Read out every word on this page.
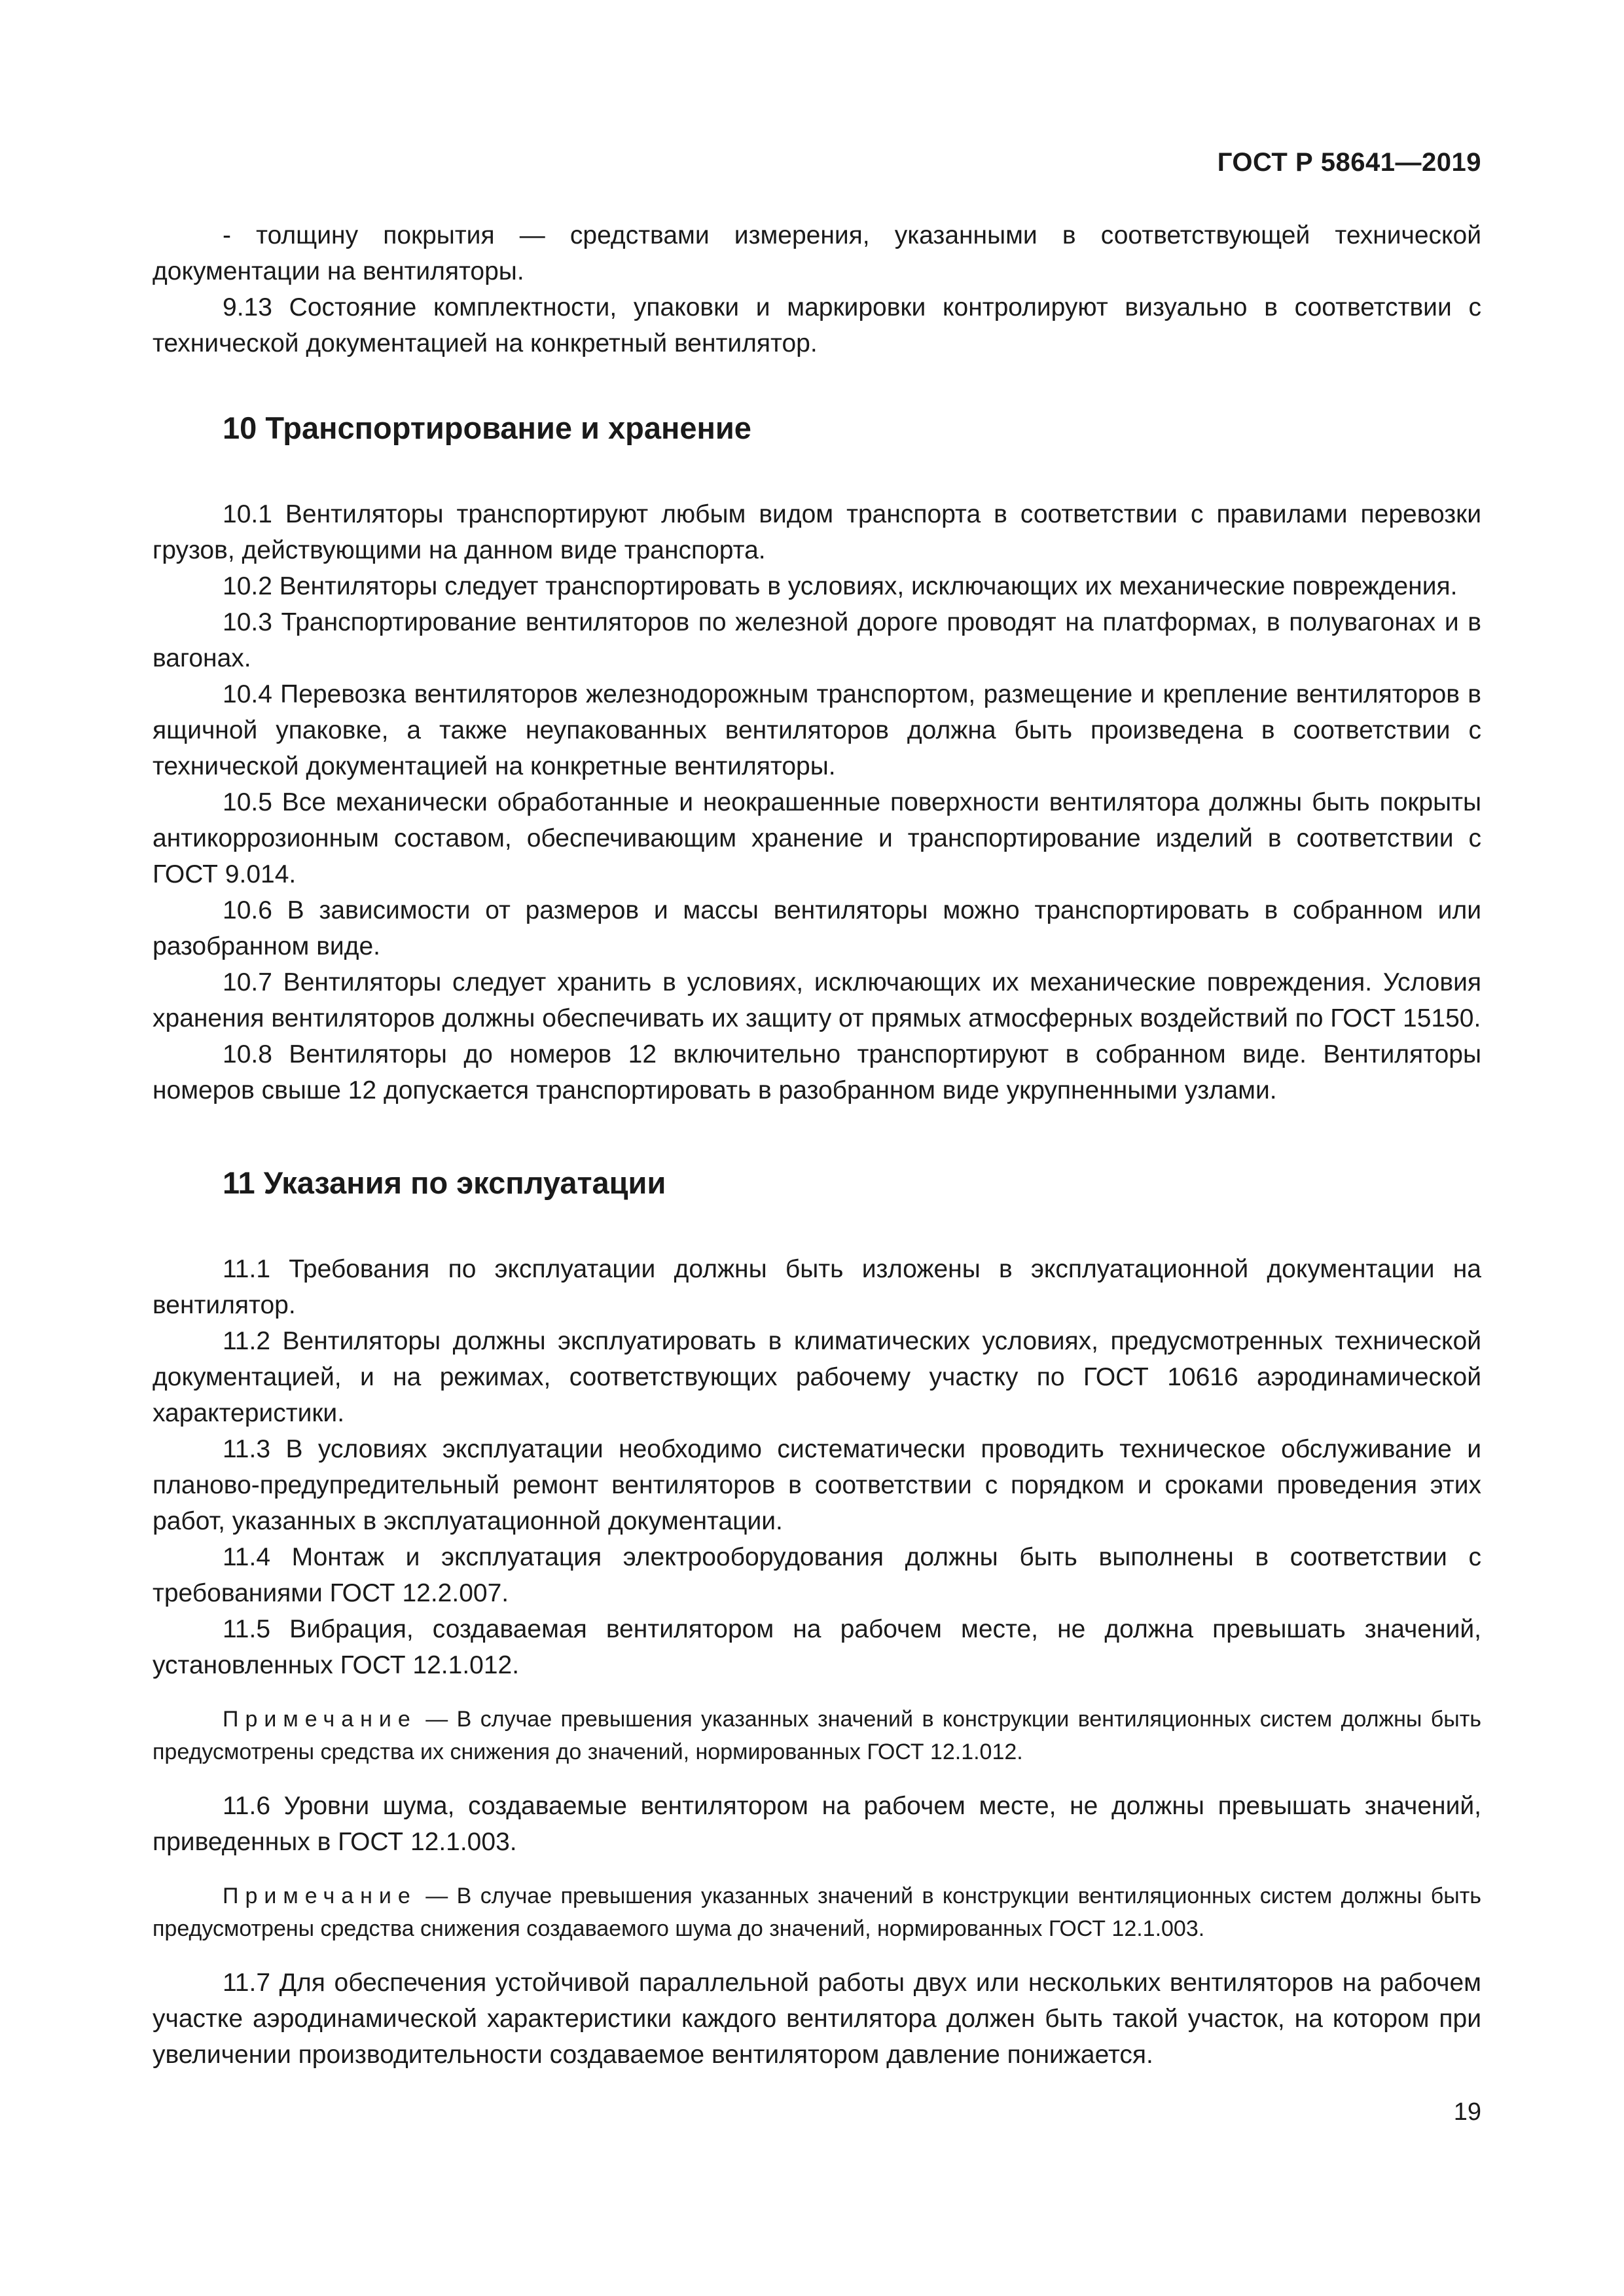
ГОСТ Р 58641—2019

- толщину покрытия — средствами измерения, указанными в соответствующей технической документации на вентиляторы.

9.13 Состояние комплектности, упаковки и маркировки контролируют визуально в соответствии с технической документацией на конкретный вентилятор.

10 Транспортирование и хранение

10.1 Вентиляторы транспортируют любым видом транспорта в соответствии с правилами перевозки грузов, действующими на данном виде транспорта.

10.2 Вентиляторы следует транспортировать в условиях, исключающих их механические повреждения.

10.3 Транспортирование вентиляторов по железной дороге проводят на платформах, в полувагонах и в вагонах.

10.4 Перевозка вентиляторов железнодорожным транспортом, размещение и крепление вентиляторов в ящичной упаковке, а также неупакованных вентиляторов должна быть произведена в соответствии с технической документацией на конкретные вентиляторы.

10.5 Все механически обработанные и неокрашенные поверхности вентилятора должны быть покрыты антикоррозионным составом, обеспечивающим хранение и транспортирование изделий в соответствии с ГОСТ 9.014.

10.6 В зависимости от размеров и массы вентиляторы можно транспортировать в собранном или разобранном виде.

10.7 Вентиляторы следует хранить в условиях, исключающих их механические повреждения. Условия хранения вентиляторов должны обеспечивать их защиту от прямых атмосферных воздействий по ГОСТ 15150.

10.8 Вентиляторы до номеров 12 включительно транспортируют в собранном виде. Вентиляторы номеров свыше 12 допускается транспортировать в разобранном виде укрупненными узлами.

11 Указания по эксплуатации

11.1 Требования по эксплуатации должны быть изложены в эксплуатационной документации на вентилятор.

11.2 Вентиляторы должны эксплуатировать в климатических условиях, предусмотренных технической документацией, и на режимах, соответствующих рабочему участку по ГОСТ 10616 аэродинамической характеристики.

11.3 В условиях эксплуатации необходимо систематически проводить техническое обслуживание и планово-предупредительный ремонт вентиляторов в соответствии с порядком и сроками проведения этих работ, указанных в эксплуатационной документации.

11.4 Монтаж и эксплуатация электрооборудования должны быть выполнены в соответствии с требованиями ГОСТ 12.2.007.

11.5 Вибрация, создаваемая вентилятором на рабочем месте, не должна превышать значений, установленных ГОСТ 12.1.012.

Примечание — В случае превышения указанных значений в конструкции вентиляционных систем должны быть предусмотрены средства их снижения до значений, нормированных ГОСТ 12.1.012.

11.6 Уровни шума, создаваемые вентилятором на рабочем месте, не должны превышать значений, приведенных в ГОСТ 12.1.003.

Примечание — В случае превышения указанных значений в конструкции вентиляционных систем должны быть предусмотрены средства снижения создаваемого шума до значений, нормированных ГОСТ 12.1.003.

11.7 Для обеспечения устойчивой параллельной работы двух или нескольких вентиляторов на рабочем участке аэродинамической характеристики каждого вентилятора должен быть такой участок, на котором при увеличении производительности создаваемое вентилятором давление понижается.

19
